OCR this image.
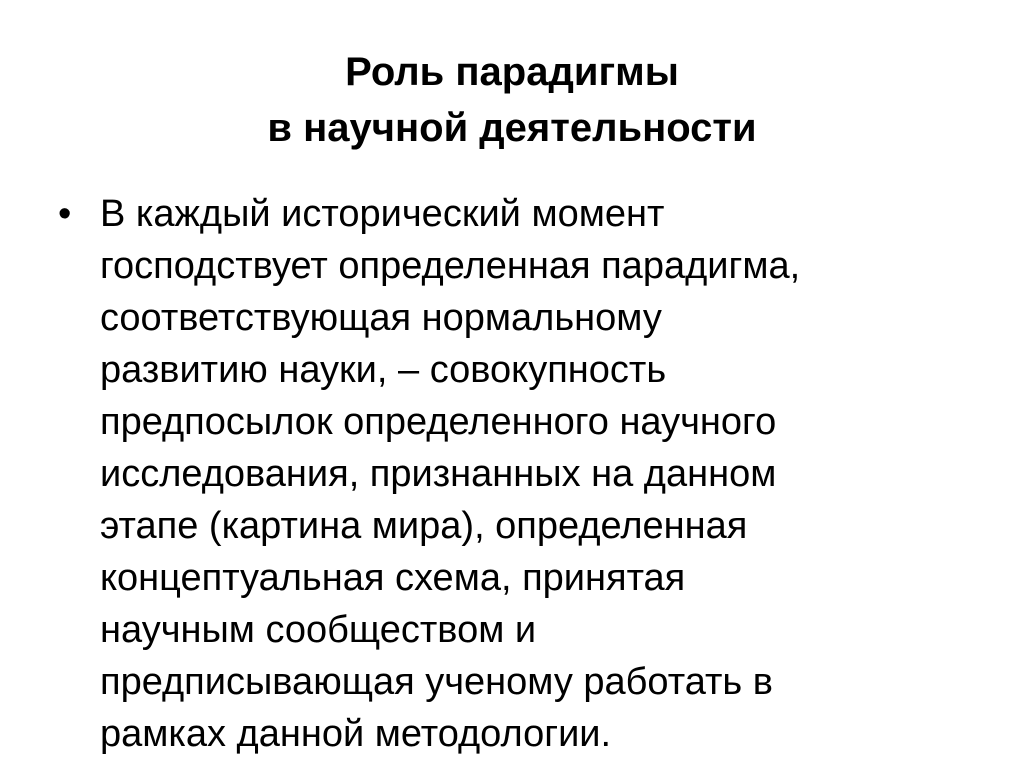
Роль парадигмы
в научной деятельности
• В каждый исторический момент
господствует определенная парадигма,
соответствующая нормальному
развитию науки, – совокупность
предпосылок определенного научного
исследования, признанных на данном
этапе (картина мира), определенная
концептуальная схема, принятая
научным сообществом и
предписывающая ученому работать в
рамках данной методологии.
